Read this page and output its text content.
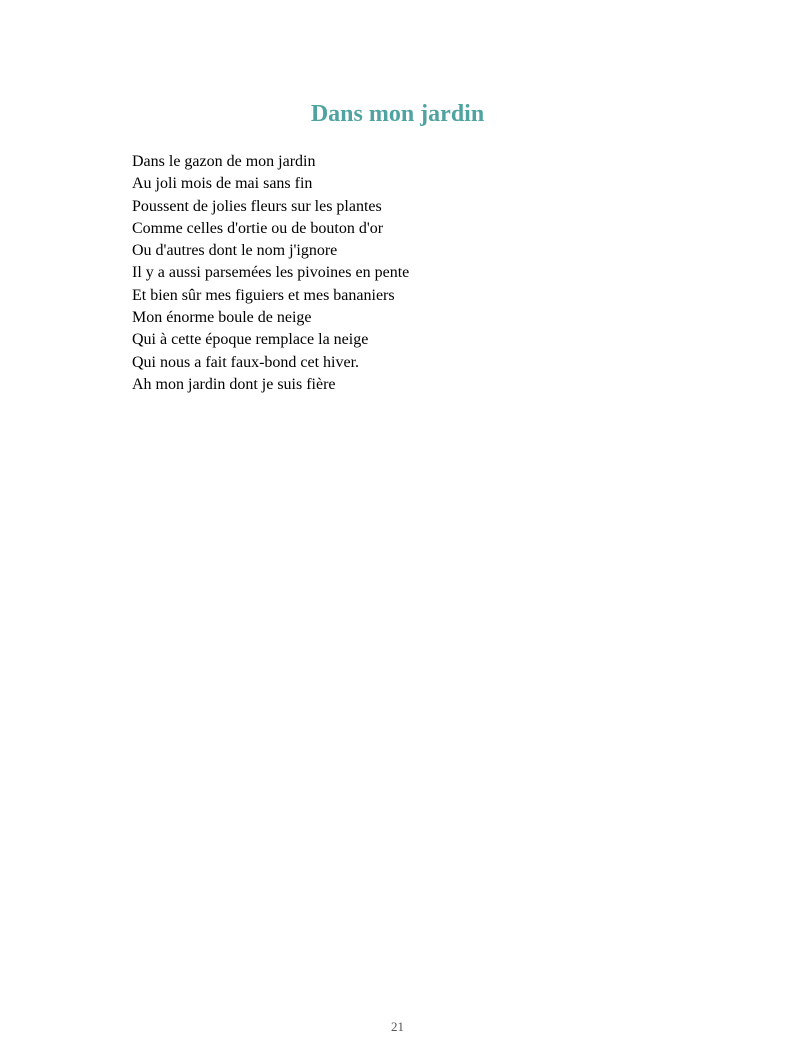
Dans mon jardin
Dans le gazon de mon jardin
Au joli mois de mai sans fin
Poussent de jolies fleurs sur les plantes
Comme celles d'ortie ou de bouton d'or
Ou d'autres dont le nom j'ignore
Il y a aussi parsemées les pivoines en pente
Et bien sûr mes figuiers et mes bananiers
Mon énorme boule de neige
Qui à cette époque remplace la neige
Qui nous a fait faux-bond cet hiver.
Ah mon jardin dont je suis fière
21
